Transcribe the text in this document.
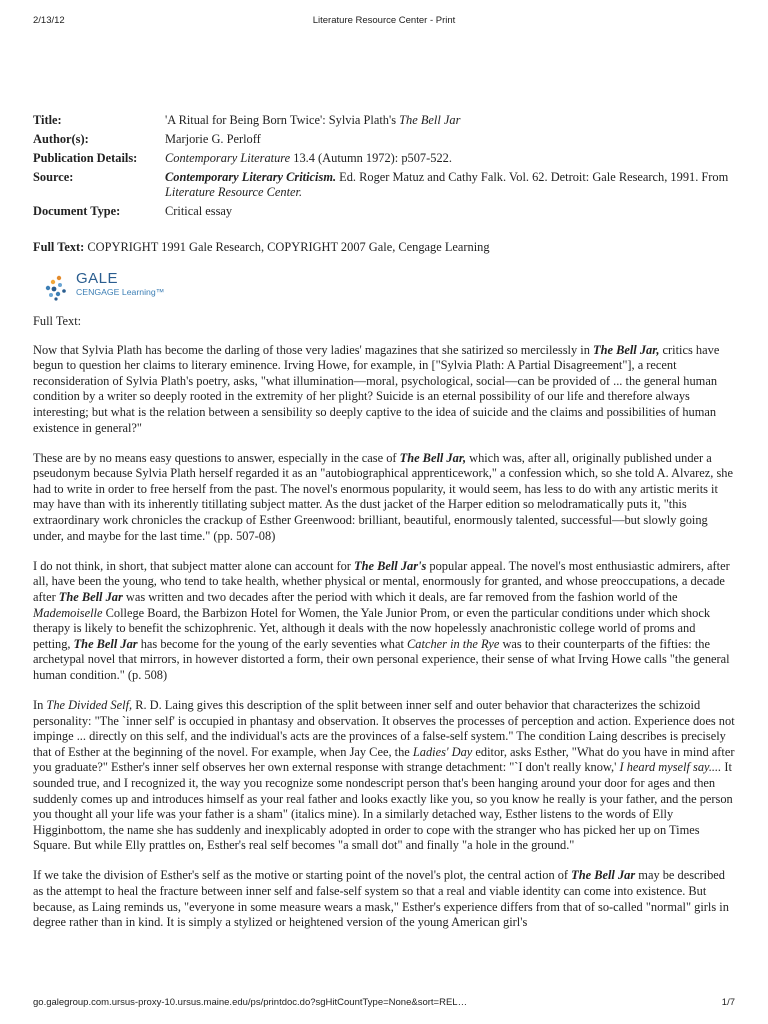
2/13/12	Literature Resource Center - Print
Title:	'A Ritual for Being Born Twice': Sylvia Plath's The Bell Jar
Author(s):	Marjorie G. Perloff
Publication Details:	Contemporary Literature 13.4 (Autumn 1972): p507-522.
Source:	Contemporary Literary Criticism. Ed. Roger Matuz and Cathy Falk. Vol. 62. Detroit: Gale Research, 1991. From Literature Resource Center.
Document Type:	Critical essay
Full Text: COPYRIGHT 1991 Gale Research, COPYRIGHT 2007 Gale, Cengage Learning
GALE
CENGAGE Learning™

Full Text:

Now that Sylvia Plath has become the darling of those very ladies' magazines that she satirized so mercilessly in The Bell Jar, critics have begun to question her claims to literary eminence. Irving Howe, for example, in ["Sylvia Plath: A Partial Disagreement"], a recent reconsideration of Sylvia Plath's poetry, asks, "what illumination—moral, psychological, social—can be provided of ... the general human condition by a writer so deeply rooted in the extremity of her plight? Suicide is an eternal possibility of our life and therefore always interesting; but what is the relation between a sensibility so deeply captive to the idea of suicide and the claims and possibilities of human existence in general?"

These are by no means easy questions to answer, especially in the case of The Bell Jar, which was, after all, originally published under a pseudonym because Sylvia Plath herself regarded it as an "autobiographical apprenticework," a confession which, so she told A. Alvarez, she had to write in order to free herself from the past. The novel's enormous popularity, it would seem, has less to do with any artistic merits it may have than with its inherently titillating subject matter. As the dust jacket of the Harper edition so melodramatically puts it, "this extraordinary work chronicles the crackup of Esther Greenwood: brilliant, beautiful, enormously talented, successful—but slowly going under, and maybe for the last time." (pp. 507-08)

I do not think, in short, that subject matter alone can account for The Bell Jar's popular appeal. The novel's most enthusiastic admirers, after all, have been the young, who tend to take health, whether physical or mental, enormously for granted, and whose preoccupations, a decade after The Bell Jar was written and two decades after the period with which it deals, are far removed from the fashion world of the Mademoiselle College Board, the Barbizon Hotel for Women, the Yale Junior Prom, or even the particular conditions under which shock therapy is likely to benefit the schizophrenic. Yet, although it deals with the now hopelessly anachronistic college world of proms and petting, The Bell Jar has become for the young of the early seventies what Catcher in the Rye was to their counterparts of the fifties: the archetypal novel that mirrors, in however distorted a form, their own personal experience, their sense of what Irving Howe calls "the general human condition." (p. 508)

In The Divided Self, R. D. Laing gives this description of the split between inner self and outer behavior that characterizes the schizoid personality: "The `inner self' is occupied in phantasy and observation. It observes the processes of perception and action. Experience does not impinge ... directly on this self, and the individual's acts are the provinces of a false-self system." The condition Laing describes is precisely that of Esther at the beginning of the novel. For example, when Jay Cee, the Ladies' Day editor, asks Esther, "What do you have in mind after you graduate?" Esther's inner self observes her own external response with strange detachment: "`I don't really know,' I heard myself say.... It sounded true, and I recognized it, the way you recognize some nondescript person that's been hanging around your door for ages and then suddenly comes up and introduces himself as your real father and looks exactly like you, so you know he really is your father, and the person you thought all your life was your father is a sham" (italics mine). In a similarly detached way, Esther listens to the words of Elly Higginbottom, the name she has suddenly and inexplicably adopted in order to cope with the stranger who has picked her up on Times Square. But while Elly prattles on, Esther's real self becomes "a small dot" and finally "a hole in the ground."

If we take the division of Esther's self as the motive or starting point of the novel's plot, the central action of The Bell Jar may be described as the attempt to heal the fracture between inner self and false-self system so that a real and viable identity can come into existence. But because, as Laing reminds us, "everyone in some measure wears a mask," Esther's experience differs from that of so-called "normal" girls in degree rather than in kind. It is simply a stylized or heightened version of the young American girl's

go.galegroup.com.ursus-proxy-10.ursus.maine.edu/ps/printdoc.do?sgHitCountType=None&sort=REL…	1/7
